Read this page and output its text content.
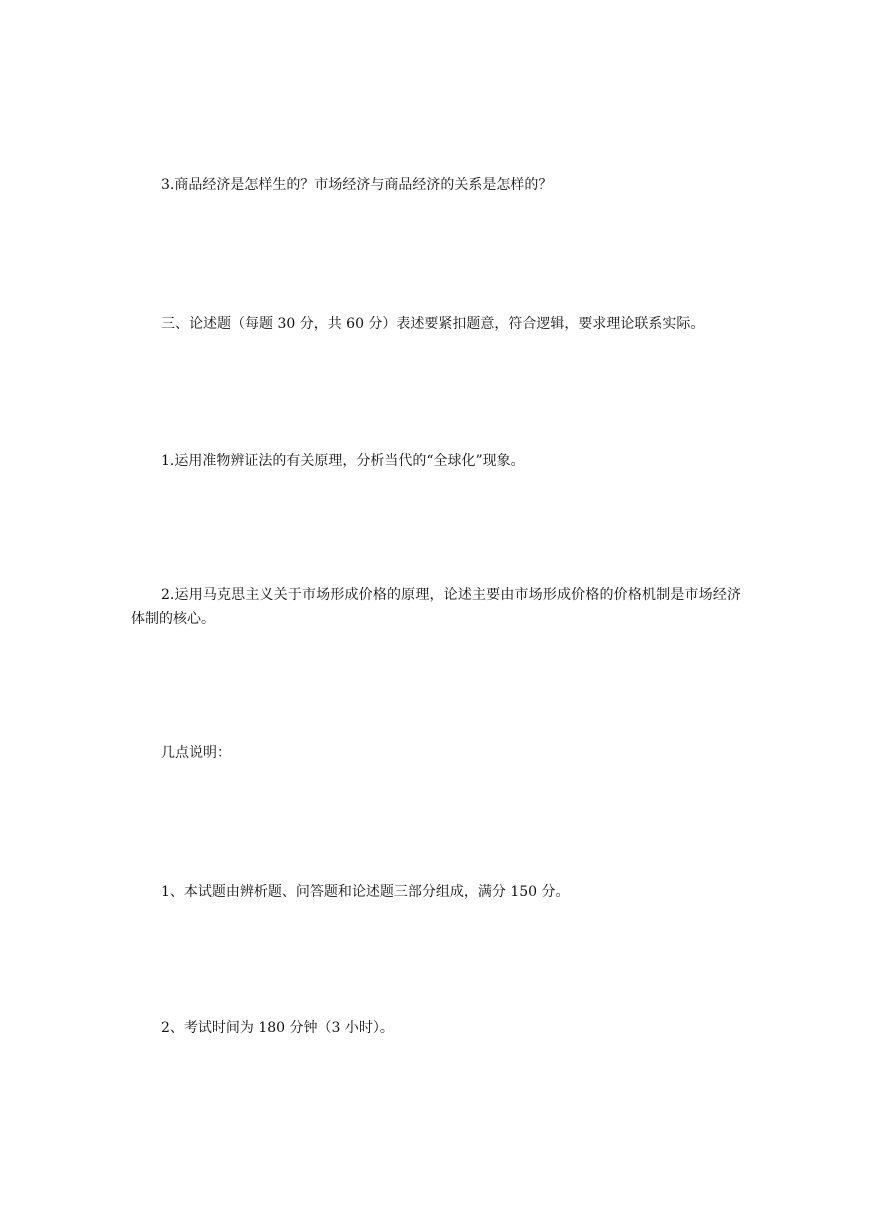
3.商品经济是怎样生的？市场经济与商品经济的关系是怎样的？

三、论述题（每题 30 分，共 60 分）表述要紧扣题意，符合逻辑，要求理论联系实际。

1.运用准物辨证法的有关原理，分析当代的“全球化”现象。

2.运用马克思主义关于市场形成价格的原理，论述主要由市场形成价格的价格机制是市场经济体制的核心。

几点说明：

1、本试题由辨析题、问答题和论述题三部分组成，满分 150 分。

2、考试时间为 180 分钟（3 小时）。
